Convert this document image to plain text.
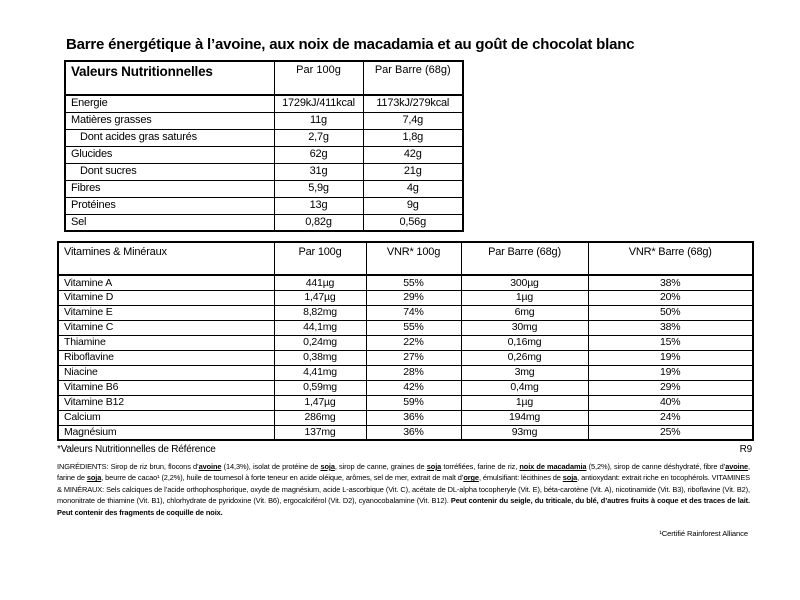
Barre énergétique à l’avoine, aux noix de macadamia et au goût de chocolat blanc
Valeurs Nutritionnelles	Par 100g	Par Barre (68g)
Energie	1729kJ/411kcal	1173kJ/279kcal
Matières grasses	11g	7,4g
Dont acides gras saturés	2,7g	1,8g
Glucides	62g	42g
Dont sucres	31g	21g
Fibres	5,9g	4g
Protéines	13g	9g
Sel	0,82g	0,56g
Vitamines & Minéraux	Par 100g	VNR* 100g	Par Barre (68g)	VNR* Barre (68g)
Vitamine A	441µg	55%	300µg	38%
Vitamine D	1,47µg	29%	1µg	20%
Vitamine E	8,82mg	74%	6mg	50%
Vitamine C	44,1mg	55%	30mg	38%
Thiamine	0,24mg	22%	0,16mg	15%
Riboflavine	0,38mg	27%	0,26mg	19%
Niacine	4,41mg	28%	3mg	19%
Vitamine B6	0,59mg	42%	0,4mg	29%
Vitamine B12	1,47µg	59%	1µg	40%
Calcium	286mg	36%	194mg	24%
Magnésium	137mg	36%	93mg	25%
*Valeurs Nutritionnelles de Référence	R9

INGRÉDIENTS: Sirop de riz brun, flocons d’avoine (14,3%), isolat de protéine de soja, sirop de canne, graines de soja torréfiées, farine de riz, noix de macadamia (5,2%), sirop de canne déshydraté, fibre d’avoine, farine de soja, beurre de cacao¹ (2,2%), huile de tournesol à forte teneur en acide oléique, arômes, sel de mer, extrait de malt d’orge, émulsifiant: lécithines de soja, antioxydant: extrait riche en tocophérols. VITAMINES & MINÉRAUX: Sels calciques de l’acide orthophosphorique, oxyde de magnésium, acide L-ascorbique (Vit. C), acétate de DL-alpha tocopheryle (Vit. E), béta-carotène (Vit. A), nicotinamide (Vit. B3), riboflavine (Vit. B2), mononitrate de thiamine (Vit. B1), chlorhydrate de pyridoxine (Vit. B6), ergocalciférol (Vit. D2), cyanocobalamine (Vit. B12). Peut contenir du seigle, du triticale, du blé, d’autres fruits à coque et des traces de lait. Peut contenir des fragments de coquille de noix.

¹Certifié Rainforest Alliance
